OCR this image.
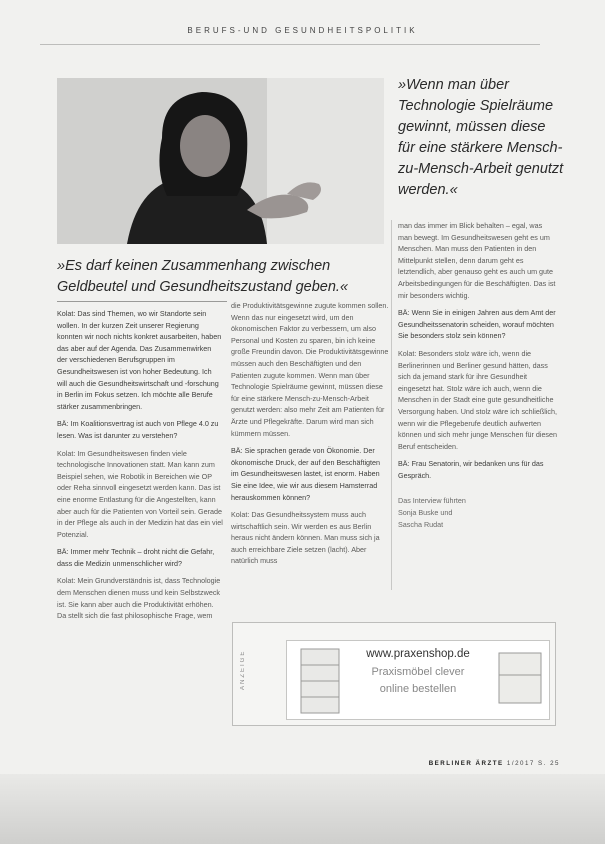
BERUFS-UND GESUNDHEITSPOLITIK
»Wenn man über Technologie Spielräume gewinnt, müssen diese für eine stärkere Mensch-zu-Mensch-Arbeit genutzt werden.«
»Es darf keinen Zusammenhang zwischen Geldbeutel und Gesundheitszustand geben.«

Kolat: Das sind Themen, wo wir Standorte sein wollen. In der kurzen Zeit unserer Regierung konnten wir noch nichts konkret ausarbeiten, haben das aber auf der Agenda. Das Zusammenwirken der verschiedenen Berufsgruppen im Gesundheitswesen ist von hoher Bedeutung. Ich will auch die Gesundheitswirtschaft und -forschung in Berlin im Fokus setzen. Ich möchte alle Berufe stärker zusammenbringen.

BÄ: Im Koalitionsvertrag ist auch von Pflege 4.0 zu lesen. Was ist darunter zu verstehen?

Kolat: Im Gesundheitswesen finden viele technologische Innovationen statt. Man kann zum Beispiel sehen, wie Robotik in Bereichen wie OP oder Reha sinnvoll eingesetzt werden kann. Das ist eine enorme Entlastung für die Angestellten, kann aber auch für die Patienten von Vorteil sein. Gerade in der Pflege als auch in der Medizin hat das ein viel Potenzial.

BÄ: Immer mehr Technik – droht nicht die Gefahr, dass die Medizin unmenschlicher wird?

Kolat: Mein Grundverständnis ist, dass Technologie dem Menschen dienen muss und kein Selbstzweck ist. Sie kann aber auch die Produktivität erhöhen. Da stellt sich die fast philosophische Frage, wem

die Produktivitätsgewinne zugute kommen sollen. Wenn das nur eingesetzt wird, um den ökonomischen Faktor zu verbessern, um also Personal und Kosten zu sparen, bin ich keine große Freundin davon. Die Produktivitätsgewinne müssen auch den Beschäftigten und den Patienten zugute kommen. Wenn man über Technologie Spielräume gewinnt, müssen diese für eine stärkere Mensch-zu-Mensch-Arbeit genutzt werden: also mehr Zeit am Patienten für Ärzte und Pflegekräfte. Darum wird man sich kümmern müssen.

BÄ: Sie sprachen gerade von Ökonomie. Der ökonomische Druck, der auf den Beschäftigten im Gesundheitswesen lastet, ist enorm. Haben Sie eine Idee, wie wir aus diesem Hamsterrad herauskommen können?

Kolat: Das Gesundheitssystem muss auch wirtschaftlich sein. Wir werden es aus Berlin heraus nicht ändern können. Man muss sich ja auch erreichbare Ziele setzen (lacht). Aber natürlich muss

man das immer im Blick behalten – egal, was man bewegt. Im Gesundheitswesen geht es um Menschen. Man muss den Patienten in den Mittelpunkt stellen, denn darum geht es letztendlich, aber genauso geht es auch um gute Arbeitsbedingungen für die Beschäftigten. Das ist mir besonders wichtig.

BÄ: Wenn Sie in einigen Jahren aus dem Amt der Gesundheitssenatorin scheiden, worauf möchten Sie besonders stolz sein können?

Kolat: Besonders stolz wäre ich, wenn die Berlinerinnen und Berliner gesund hätten, dass sich da jemand stark für ihre Gesundheit eingesetzt hat. Stolz wäre ich auch, wenn die Menschen in der Stadt eine gute gesundheitliche Versorgung haben. Und stolz wäre ich schließlich, wenn wir die Pflegeberufe deutlich aufwerten können und sich mehr junge Menschen für diesen Beruf entscheiden.

BÄ: Frau Senatorin, wir bedanken uns für das Gespräch.

Das Interview führten
Sonja Buske und
Sascha Rudat
ANZEIGE	www.praxenshop.de
Praxismöbel clever
online bestellen
BERLINER ÄRZTE 1/2017 S. 25
